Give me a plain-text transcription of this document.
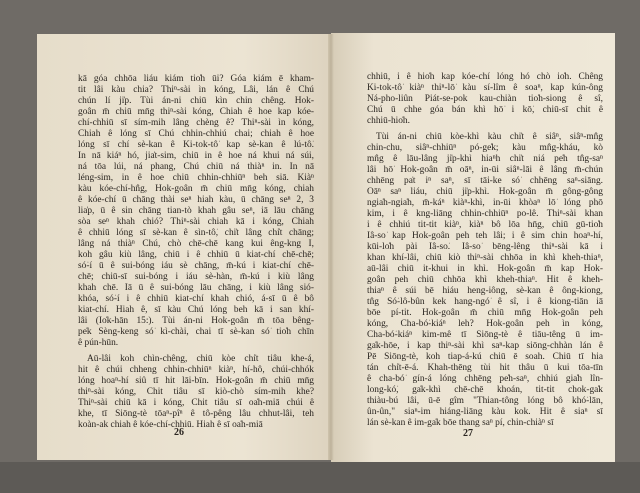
kā góa chhōa liáu kiám tio̍h ūi? Góa kiám ē kham-
tit lâi kàu chia? Thiⁿ-sài ìn kóng, Lâi, lán ê Chú
chún lí ji̍p. Tùi án-ni chiū kìn chin chêng. Hok-
goân m̄ chiū mn̄g thiⁿ-sài kóng, Chiah ê hoe kap kóe-
chí-chhiū sī sím-mih lâng chèng ê? Thiⁿ-sài ìn kóng,
Chiah ê lóng sī Chú chhin-chhiú chai; chiah ê hoe
lóng sī chí sè-kan ê Ki-tok-tô͘ kap sè-kan ê lú-tô͘.
In nā kiáⁿ hó, jia̍t-sim, chiū in ê hoe ná khui ná súi,
ná tōa lúi, ná phang, Chú chiū ná thiàⁿ in. In nā
léng-sim, in ê hoe chiū chhin-chhiūⁿ beh siā. Kiàⁿ
kàu kóe-chí-hn̂g, Hok-goân m̄ chiū mn̄g kóng, chiah
ê kóe-chí ū chāng thài seⁿ hiah kàu, ū chāng seⁿ 2, 3
lia̍p, ū ê sin chāng tian-tò khah gâu seⁿ, iā lāu chāng
sòa seⁿ khah chió? Thiⁿ-sài chiah kā i kóng, Chiah
ê chhiū lóng sī sè-kan ê sìn-tô͘, chi̍t lâng chi̍t chāng;
lâng ná thiàⁿ Chú, chò chē-chē kang kui êng-kng I,
koh gâu kiù lâng, chiū i ê chhiū ū kiat-chí chē-chē;
só͘-í ū ê sui-bóng iáu sè chāng, m̄-kú i kiat-chí chē-
chē; chiū-sī sui-bóng i iáu sè-hàn, m̄-kú i kiù lâng
khah chē. Iā ū ê sui-bóng lāu chāng, i kiù lâng sió-
khóa, só͘-í i ê chhiū kiat-chí khah chió, á-sī ū ê bô
kiat-chí. Hiah ê, sī kàu Chú lóng beh kā i san khí-
lâi (Io̍k-hān 15:). Tùi án-ni Hok-goân m̄ tōa bêng-
pe̍k Sèng-keng só͘ kì-chài, chai tī sè-kan só͘ tio̍h chīn
ê pún-hūn.
Aū-lâi koh chìn-chêng, chiū kòe chi̍t tiâu khe-á,
hit ê chúi chheng chhin-chhiūⁿ kiàⁿ, hí-hô, chúi-chhók
lóng hoaⁿ-hí siû tī hit lāi-bīn. Hok-goân m̄ chiū mn̄g
thiⁿ-sài kóng, Chit tiâu sī kiò-chò sím-mih khe?
Thiⁿ-sài chiū kā i kóng, Chit tiâu sī oa̍h-miā chúi ê
khe, tī Siōng-tè tōaⁿ-pîⁿ ê tô-pêng lâu chhut-lâi, teh
koàn-ak chiah ê kóe-chí-chhiū. Hiah ê sī oa̍h-miā
26
chhiū, i ê hio̍h kap kóe-chí lóng hó chò io̍h. Chêng
Ki-tok-tô͘ kiàⁿ thiⁿ-lō͘ kàu sí-lîm ê soaⁿ, kap kún-ông
Ná-pho-liûn Piát-se-pok kau-chiàn tio̍h-siong ê sî,
Chú ū chhe góa bán khì hō͘ i kō͘, chiū-sī chit ê
chhiū-hio̍h.
Tùi án-ni chiū kòe-khì kàu chi̍t ê siâⁿ, siâⁿ-mn̂g
chin-chu, siâⁿ-chhiūⁿ pó-ge̍k; kàu mn̂g-kháu, kò͘
mn̂g ê lāu-lâng ji̍p-khì hiaⁿh chi̍t niá pe̍h tn̂g-saⁿ
lâi hō͘ Hok-goân m̄ oāⁿ, in-ūi siâⁿ-lāi ê lâng m̄-chún
chhēng pa̍t iⁿ saⁿ, sī tāi-ke só͘ chhēng saⁿ-siāng.
Oāⁿ saⁿ liáu, chiū ji̍p-khì. Hok-goân m̄ gông-gông
ngia̍h-ngia̍h, m̄-káⁿ kiàⁿ-khì, in-ūi khòaⁿ lō͘ lóng phō͘
kim, i ê kng-liāng chhin-chhiūⁿ po-lê. Thiⁿ-sài khan
i ê chhiú tit-tit kiàⁿ, kiàⁿ bô lōa hn̄g, chiū gū-tio̍h
Iâ-so͘ kap Hok-goân peh teh lâi; i ê sim chin hoaⁿ-hí,
kūi-lo̍h pài Iâ-so͘. Iâ-so͘ bēng-lêng thiⁿ-sài kā i
khan khí-lâi, chiū kiò thiⁿ-sài chhōa in khì kheh-thiaⁿ,
aū-lâi chiū it-khui in khì. Hok-goân m̄ kap Hok-
goân peh chiū chhōa khì kheh-thiaⁿ. Hit ê kheh-
thiaⁿ ê súi bē hiáu heng-iông, sè-kan ê ông-kiong,
tn̂g Só͘-lô-bûn kek hang-ngó͘ ê sî, i ê kiong-tiān iā
bōe pí-tit. Hok-goân m̄ chiū mn̄g Hok-goân peh
kóng, Cha-bó͘-kiáⁿ leh? Hok-goân peh ìn kóng,
Cha-bó͘-kiáⁿ kim-mê tī Siōng-tè ê tiāu-têng ū im-
ga̍k-hōe, i kap thiⁿ-sài khì saⁿ-kap siōng-chhàn lán ê
Pē Siōng-tè, koh tiap-á-kú chiū ē soah. Chiū tī hia
tán chi̍t-ē-á. Khah-thēng tùi hit thâu ū kui tōa-tīn
ê cha-bó͘ gín-á lóng chhēng pe̍h-saⁿ, chhiú gia̍h lîn-
long-kó͘, ga̍k-khì chē-chē khoán, tit-tit chok-ga̍k
thiàu-bú lâi, ū-ē gîm "Thian-tông lóng bô khó͘-lān,
ûn-ûn," siaⁿ-im hiáng-liāng kàu kok. Hit ê siaⁿ sī
lán sè-kan ê im-ga̍k bōe thang saⁿ pí, chin-chiàⁿ sī
27
